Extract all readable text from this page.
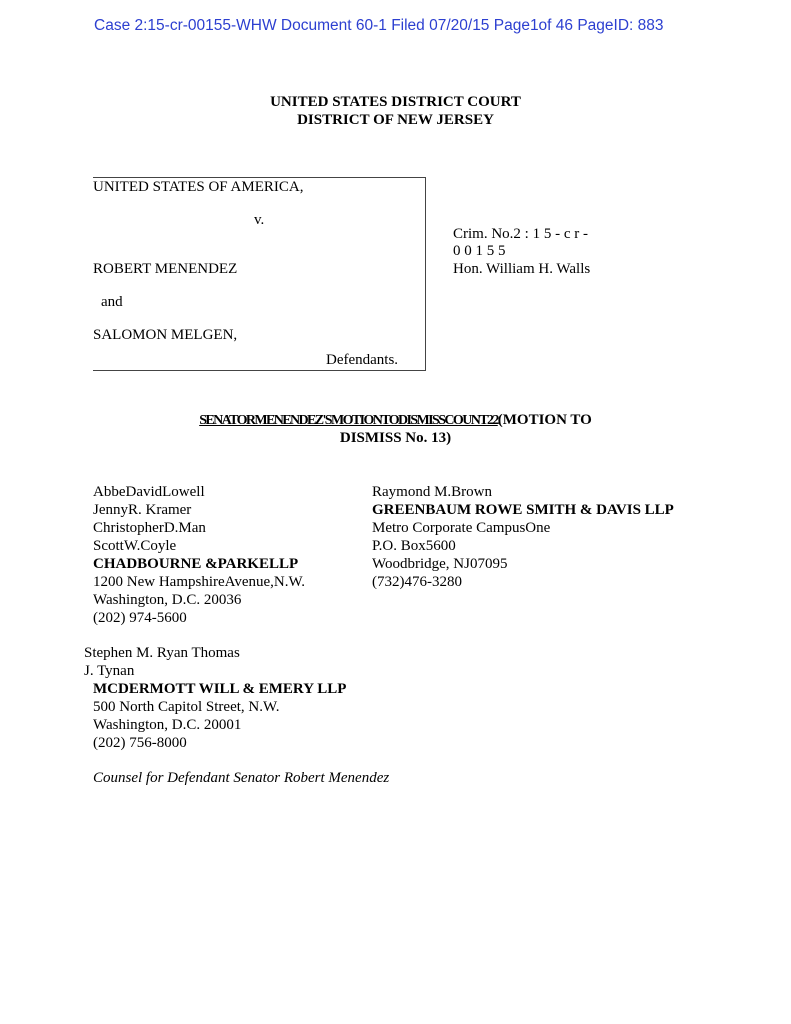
Case 2:15-cr-00155-WHW Document 60-1 Filed 07/20/15 Page1of 46 PageID: 883
UNITED STATES DISTRICT COURT
DISTRICT OF NEW JERSEY
UNITED STATES OF AMERICA,
v.
ROBERT MENENDEZ
and
SALOMON MELGEN,
Defendants.
Crim. No.2 : 1 5 - c r -
0 0 1 5 5
Hon. William H. Walls
SENATORMENENDEZ'SMOTIONTODISMISSCOUNT22(MOTION TO
DISMISS No. 13)
AbbeDavidLowell
JennyR. Kramer
ChristopherD.Man
ScottW.Coyle
CHADBOURNE &PARKELLP
1200 New HampshireAvenue,N.W.
Washington, D.C. 20036
(202) 974-5600
Raymond M.Brown
GREENBAUM ROWE SMITH & DAVIS LLP
Metro Corporate CampusOne
P.O. Box5600
Woodbridge, NJ07095
(732)476-3280
Stephen M. Ryan Thomas
J. Tynan
MCDERMOTT WILL & EMERY LLP
500 North Capitol Street, N.W.
Washington, D.C. 20001
(202) 756-8000
Counsel for Defendant Senator Robert Menendez
